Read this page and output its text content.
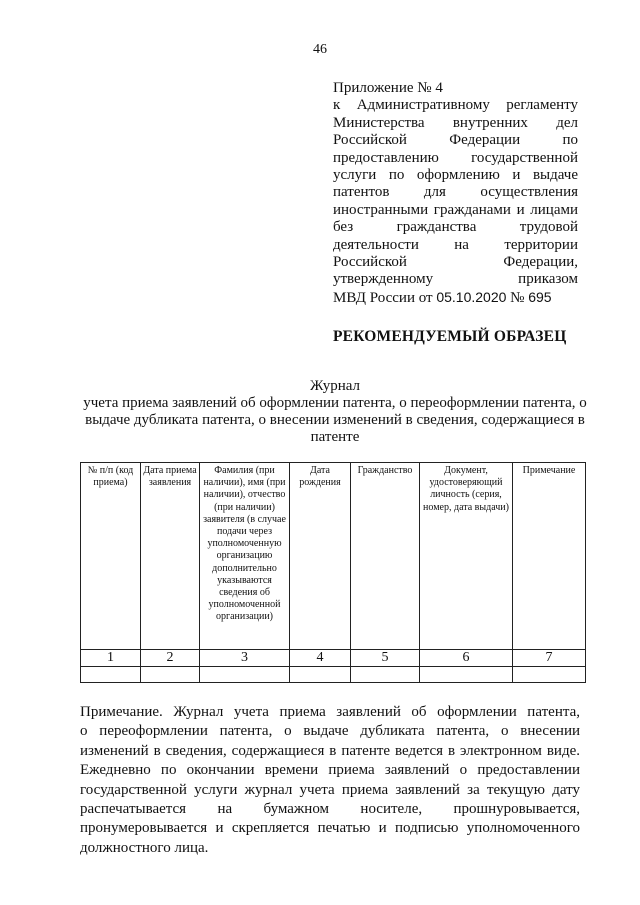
46
Приложение № 4
к Административному регламенту
Министерства внутренних дел
Российской Федерации по
предоставлению государственной
услуги по оформлению и выдаче
патентов для осуществления
иностранными гражданами и лицами
без гражданства трудовой
деятельности на территории
Российской Федерации,
утвержденному приказом
МВД России от 05.10.2020 № 695
РЕКОМЕНДУЕМЫЙ ОБРАЗЕЦ
Журнал
учета приема заявлений об оформлении патента, о переоформлении патента, о выдаче дубликата патента, о внесении изменений в сведения, содержащиеся в патенте
№ п/п (код приема)	Дата приема заявления	Фамилия (при наличии), имя (при наличии), отчество (при наличии) заявителя (в случае подачи через уполномоченную организацию дополнительно указываются сведения об уполномоченной организации)	Дата рождения	Гражданство	Документ, удостоверяющий личность (серия, номер, дата выдачи)	Примечание
1	2	3	4	5	6	7

Примечание. Журнал учета приема заявлений об оформлении патента,
о переоформлении патента, о выдаче дубликата патента, о внесении
изменений в сведения, содержащиеся в патенте ведется в электронном виде.
Ежедневно по окончании времени приема заявлений о предоставлении
государственной услуги журнал учета приема заявлений за текущую дату
распечатывается на бумажном носителе, прошнуровывается,
пронумеровывается и скрепляется печатью и подписью уполномоченного
должностного лица.
